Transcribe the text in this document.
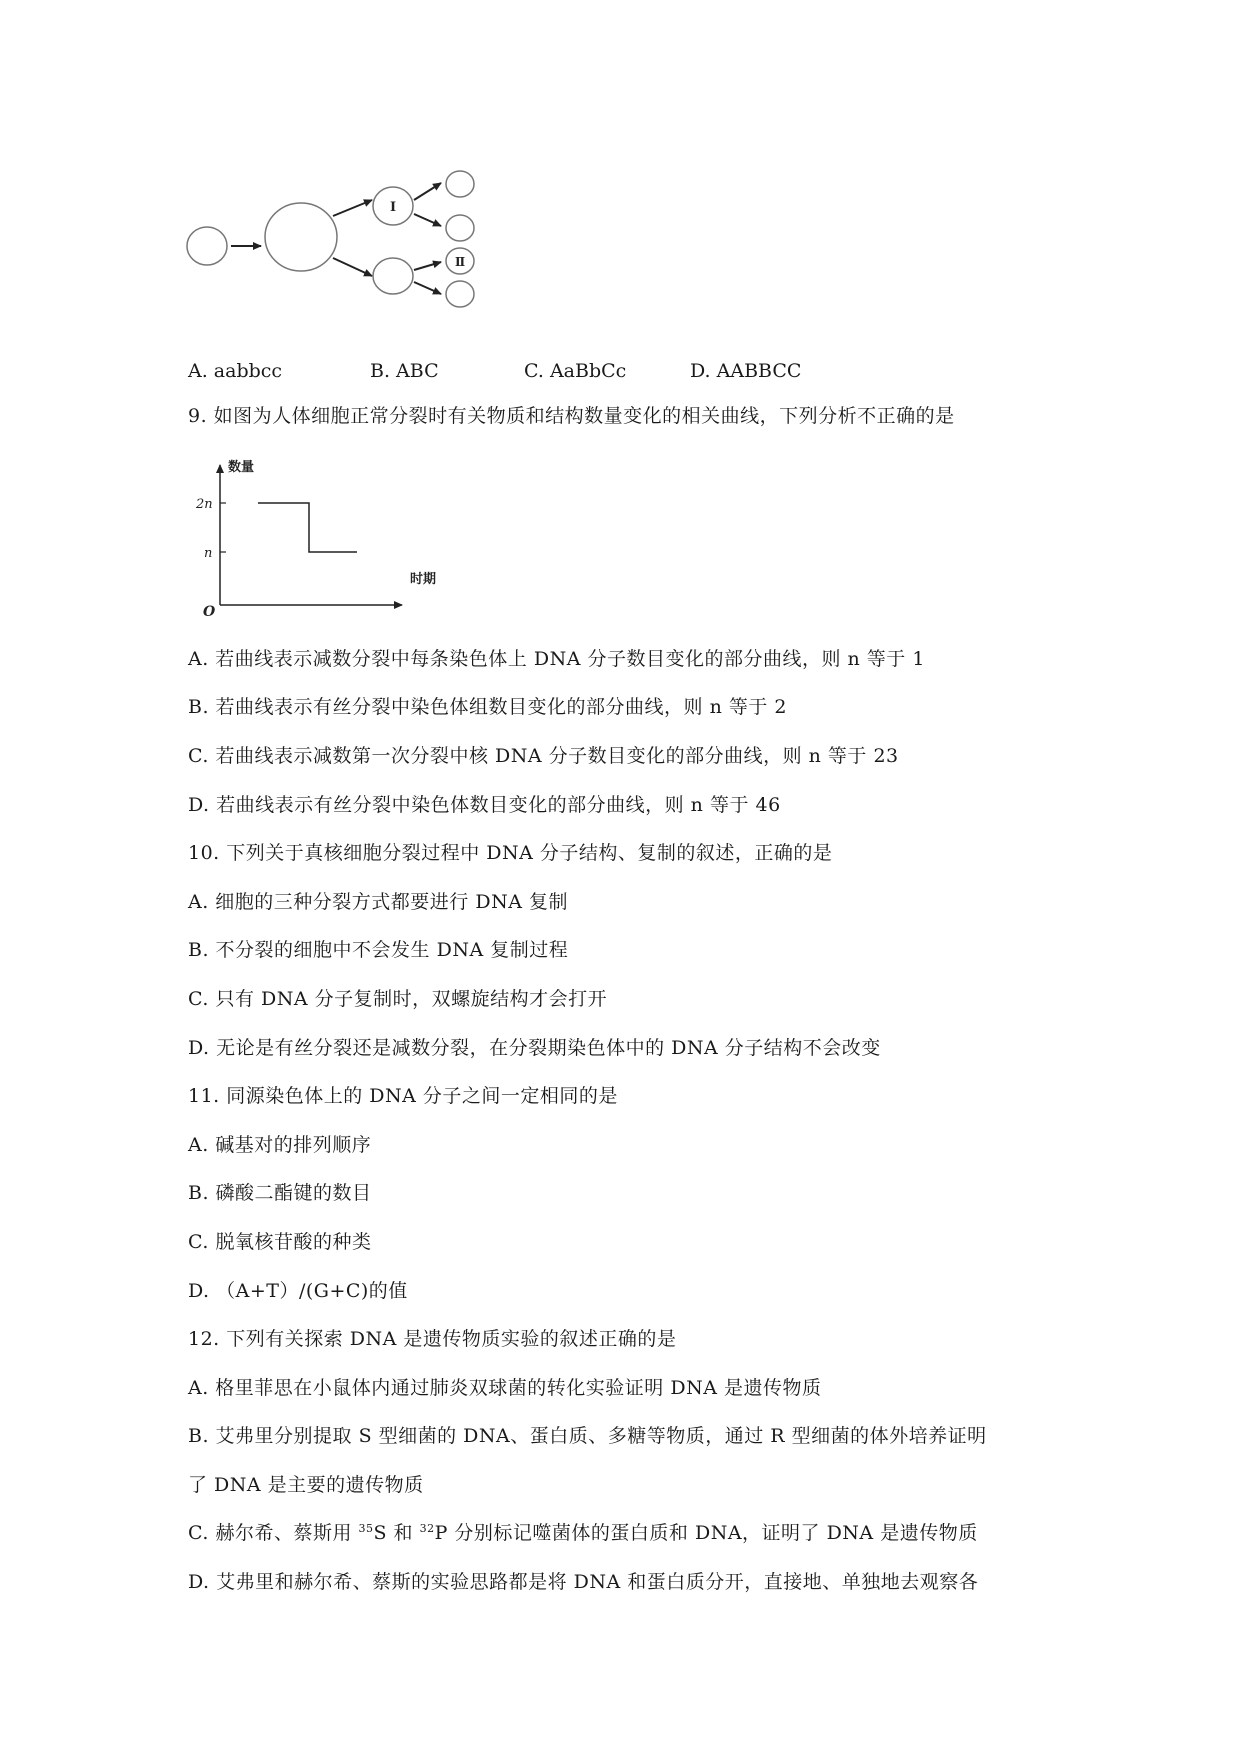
Ⅰ
Ⅱ
A. aabbcc	B. ABC	C. AaBbCc	D. AABBCC
9. 如图为人体细胞正常分裂时有关物质和结构数量变化的相关曲线，下列分析不正确的是
数量
时期
O
2n
n
A. 若曲线表示减数分裂中每条染色体上 DNA 分子数目变化的部分曲线，则 n 等于 1
B. 若曲线表示有丝分裂中染色体组数目变化的部分曲线，则 n 等于 2
C. 若曲线表示减数第一次分裂中核 DNA 分子数目变化的部分曲线，则 n 等于 23
D. 若曲线表示有丝分裂中染色体数目变化的部分曲线，则 n 等于 46
10. 下列关于真核细胞分裂过程中 DNA 分子结构、复制的叙述，正确的是
A. 细胞的三种分裂方式都要进行 DNA 复制
B. 不分裂的细胞中不会发生 DNA 复制过程
C. 只有 DNA 分子复制时，双螺旋结构才会打开
D. 无论是有丝分裂还是减数分裂，在分裂期染色体中的 DNA 分子结构不会改变
11. 同源染色体上的 DNA 分子之间一定相同的是
A. 碱基对的排列顺序
B. 磷酸二酯键的数目
C. 脱氧核苷酸的种类
D. （A+T）/(G+C)的值
12. 下列有关探索 DNA 是遗传物质实验的叙述正确的是
A. 格里菲思在小鼠体内通过肺炎双球菌的转化实验证明 DNA 是遗传物质
B. 艾弗里分别提取 S 型细菌的 DNA、蛋白质、多糖等物质，通过 R 型细菌的体外培养证明
了 DNA 是主要的遗传物质
C. 赫尔希、蔡斯用 $^{35}$S 和 $^{32}$P 分别标记噬菌体的蛋白质和 DNA，证明了 DNA 是遗传物质
D. 艾弗里和赫尔希、蔡斯的实验思路都是将 DNA 和蛋白质分开，直接地、单独地去观察各
